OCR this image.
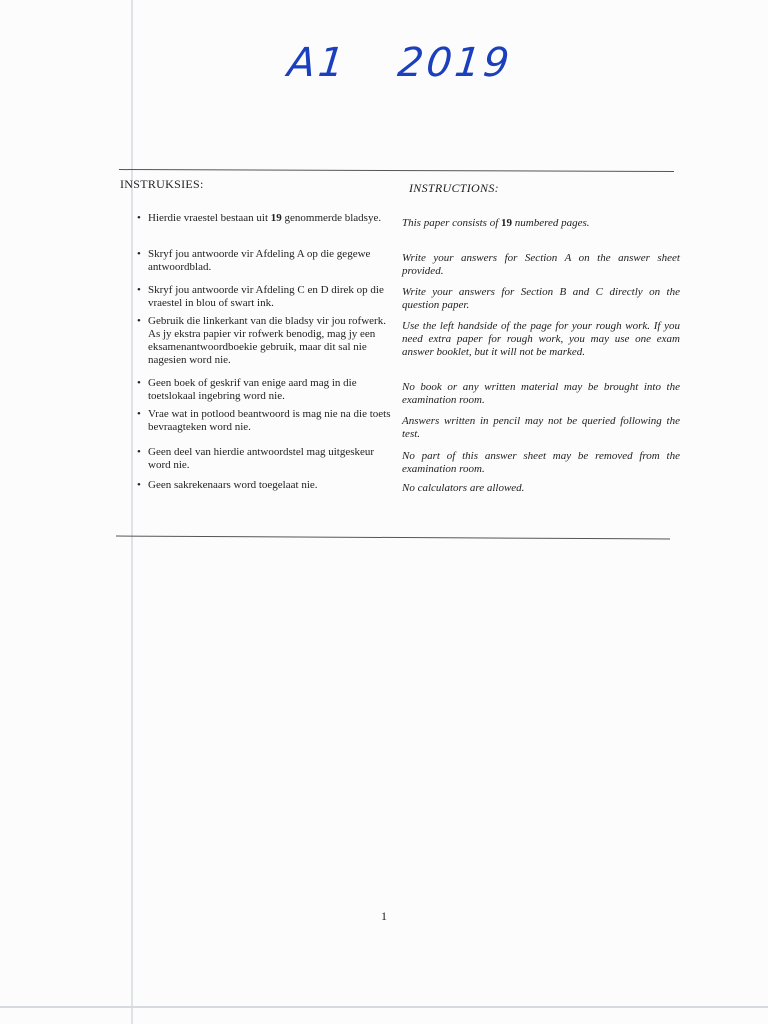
A1 2019
INSTRUKSIES:	INSTRUCTIONS:
• Hierdie vraestel bestaan uit 19 genommerde bladsye.
• Skryf jou antwoorde vir Afdeling A op die gegewe antwoordblad.
• Skryf jou antwoorde vir Afdeling C en D direk op die vraestel in blou of swart ink.
• Gebruik die linkerkant van die bladsy vir jou rofwerk. As jy ekstra papier vir rofwerk benodig, mag jy een eksamenantwoordboekie gebruik, maar dit sal nie nagesien word nie.
• Geen boek of geskrif van enige aard mag in die toetslokaal ingebring word nie.
• Vrae wat in potlood beantwoord is mag nie na die toets bevraagteken word nie.
• Geen deel van hierdie antwoordstel mag uitgeskeur word nie.
• Geen sakrekenaars word toegelaat nie.
This paper consists of 19 numbered pages.
Write your answers for Section A on the answer sheet provided.
Write your answers for Section B and C directly on the question paper.
Use the left handside of the page for your rough work. If you need extra paper for rough work, you may use one exam answer booklet, but it will not be marked.
No book or any written material may be brought into the examination room.
Answers written in pencil may not be queried following the test.
No part of this answer sheet may be removed from the examination room.
No calculators are allowed.
1
